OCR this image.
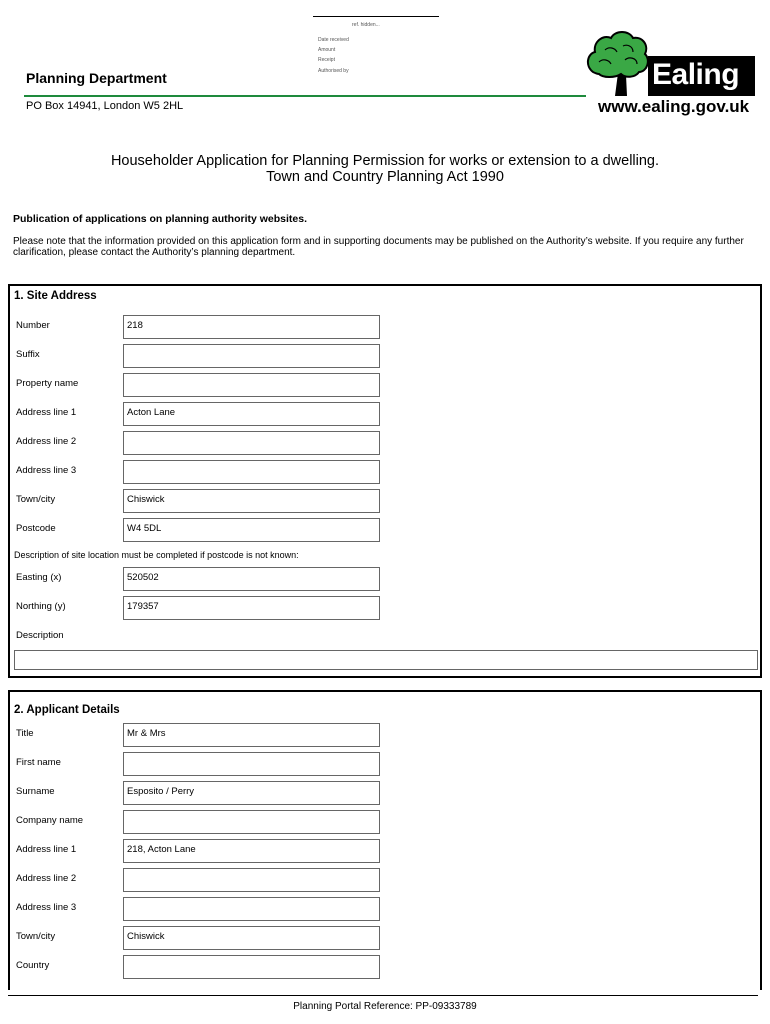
ref. hidden...
Date received
Amount
Receipt
Authorised by
Planning Department
PO Box 14941, London W5 2HL
Ealing
www.ealing.gov.uk
Householder Application for Planning Permission for works or extension to a dwelling.
Town and Country Planning Act 1990
Publication of applications on planning authority websites.
Please note that the information provided on this application form and in supporting documents may be published on the Authority’s website. If you require any further clarification, please contact the Authority’s planning department.
1. Site Address
Number	218
Suffix
Property name
Address line 1	Acton Lane
Address line 2
Address line 3
Town/city	Chiswick
Postcode	W4 5DL
Description of site location must be completed if postcode is not known:
Easting (x)	520502
Northing (y)	179357
Description
2. Applicant Details
Title	Mr & Mrs
First name
Surname	Esposito / Perry
Company name
Address line 1	218, Acton Lane
Address line 2
Address line 3
Town/city	Chiswick
Country
Planning Portal Reference: PP-09333789
